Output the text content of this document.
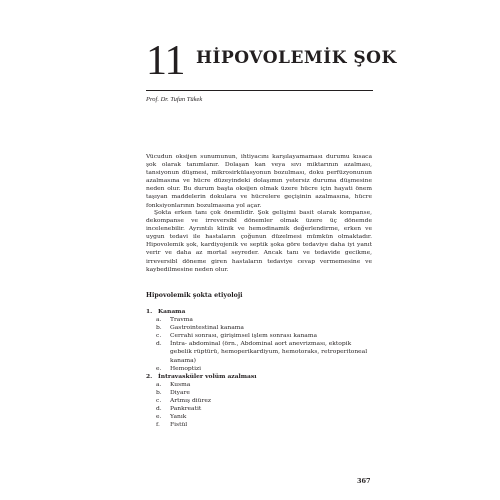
11 HİPOVOLEMİK ŞOK
Prof. Dr. Tufan Tükek
Vücudun oksijen sunumunun, ihtiyacını karşılayamaması durumu kısaca şok olarak tanımlanır. Dolaşan kan veya sıvı miktarının azalması, tansiyonun düşmesi, mikrosirkülasyonun bozulması, doku perfüzyonunun azalmasına ve hücre düzeyindeki dolaşımın yetersiz duruma düşmesine neden olur. Bu durum başta oksijen olmak üzere hücre için hayati önem taşıyan maddelerin dokulara ve hücrelere geçişinin azalmasına, hücre fonksiyonlarının bozulmasına yol açar.
Şokta erken tanı çok önemlidir. Şok gelişimi basit olarak kompanse, dekompanse ve irreversibl dönemler olmak üzere üç dönemde incelenebilir. Ayrıntılı klinik ve hemodinamik değerlendirme, erken ve uygun tedavi ile hastaların çoğunun düzelmesi mümkün olmaktadır. Hipovolemik şok, kardiyojenik ve septik şoka göre tedaviye daha iyi yanıt verir ve daha az mortal seyreder. Ancak tanı ve tedavide gecikme, irreversibl döneme giren hastaların tedaviye cevap vermemesine ve kaybedilmesine neden olur.
Hipovolemik şokta etiyoloji
1. Kanama
a.	Travma
b.	Gastrointestinal kanama
c.	Cerrahi sonrası, girişimsel işlem sonrası kanama
d.	İntra- abdominal (örn., Abdominal aort anevrizması, ektopik gebelik rüptürü, hemoperikardiyum, hemotoraks, retroperitoneal kanama)
e.	Hemoptizi
2. İntravasküler volüm azalması
a.	Kusma
b.	Diyare
c.	Artmış diürez
d.	Pankreatit
e.	Yanık
f.	Fistül
367
